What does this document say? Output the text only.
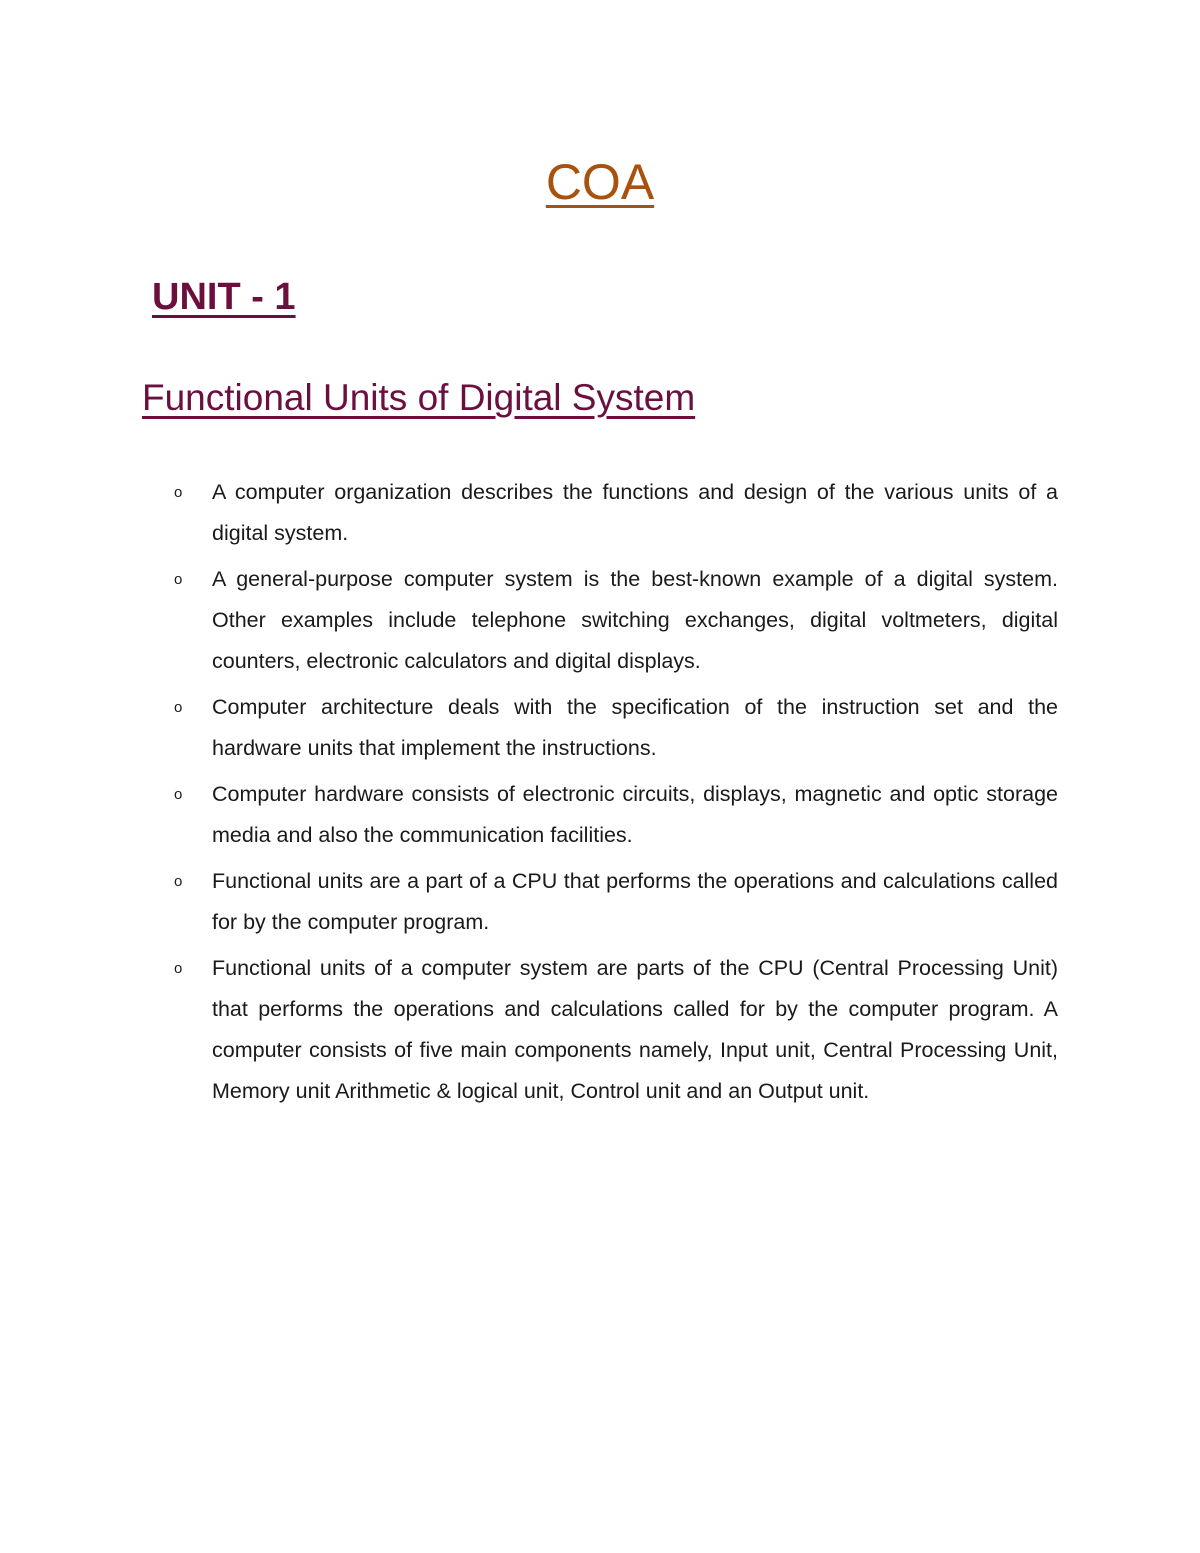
COA
UNIT - 1
Functional Units of Digital System
o A computer organization describes the functions and design of the various units of a digital system.
o A general-purpose computer system is the best-known example of a digital system. Other examples include telephone switching exchanges, digital voltmeters, digital counters, electronic calculators and digital displays.
o Computer architecture deals with the specification of the instruction set and the hardware units that implement the instructions.
o Computer hardware consists of electronic circuits, displays, magnetic and optic storage media and also the communication facilities.
o Functional units are a part of a CPU that performs the operations and calculations called for by the computer program.
o Functional units of a computer system are parts of the CPU (Central Processing Unit) that performs the operations and calculations called for by the computer program. A computer consists of five main components namely, Input unit, Central Processing Unit, Memory unit Arithmetic & logical unit, Control unit and an Output unit.
